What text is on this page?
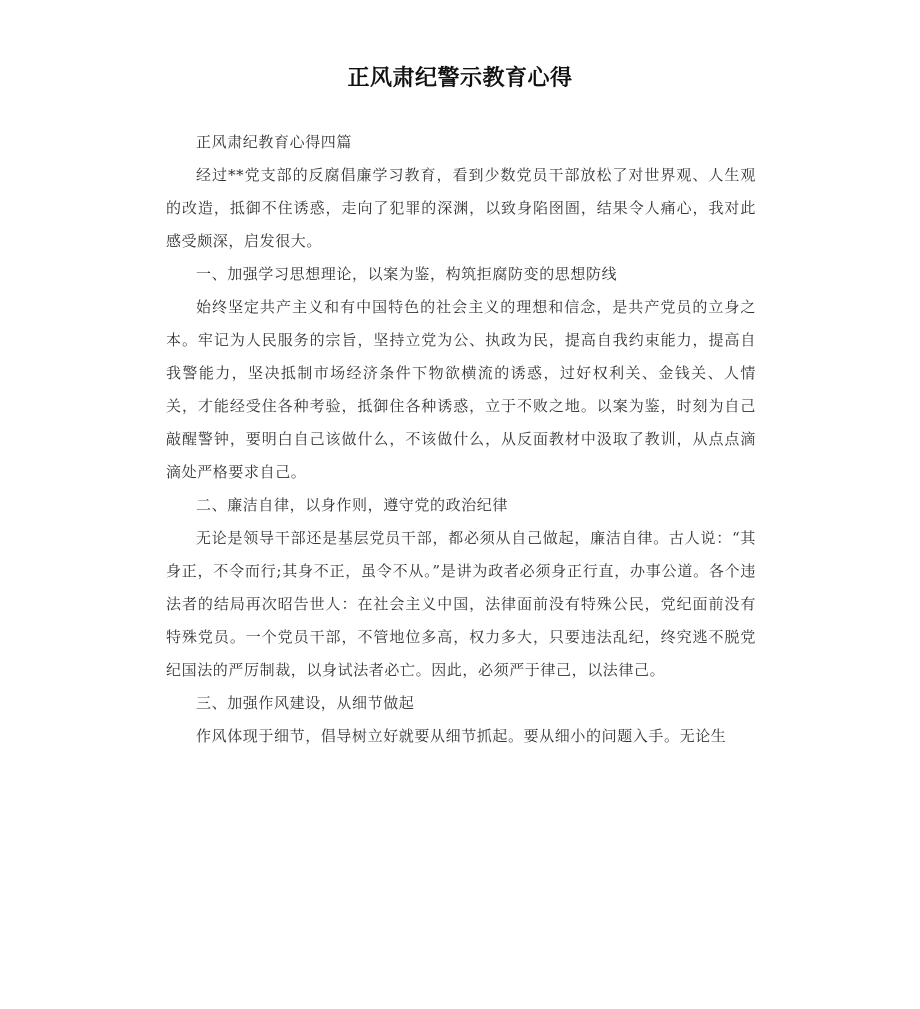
正风肃纪警示教育心得

正风肃纪教育心得四篇

经过**党支部的反腐倡廉学习教育，看到少数党员干部放松了对世界观、人生观的改造，抵御不住诱惑，走向了犯罪的深渊，以致身陷囹圄，结果令人痛心，我对此感受颇深，启发很大。

一、加强学习思想理论，以案为鉴，构筑拒腐防变的思想防线

始终坚定共产主义和有中国特色的社会主义的理想和信念，是共产党员的立身之本。牢记为人民服务的宗旨，坚持立党为公、执政为民，提高自我约束能力，提高自我警能力，坚决抵制市场经济条件下物欲横流的诱惑，过好权利关、金钱关、人情关，才能经受住各种考验，抵御住各种诱惑，立于不败之地。以案为鉴，时刻为自己敲醒警钟，要明白自己该做什么，不该做什么，从反面教材中汲取了教训，从点点滴滴处严格要求自己。

二、廉洁自律，以身作则，遵守党的政治纪律

无论是领导干部还是基层党员干部，都必须从自己做起，廉洁自律。古人说：“其身正，不令而行;其身不正，虽令不从。”是讲为政者必须身正行直，办事公道。各个违法者的结局再次昭告世人：在社会主义中国，法律面前没有特殊公民，党纪面前没有特殊党员。一个党员干部，不管地位多高，权力多大，只要违法乱纪，终究逃不脱党纪国法的严厉制裁，以身试法者必亡。因此，必须严于律己，以法律己。

三、加强作风建设，从细节做起

作风体现于细节，倡导树立好就要从细节抓起。要从细小的问题入手。无论生
